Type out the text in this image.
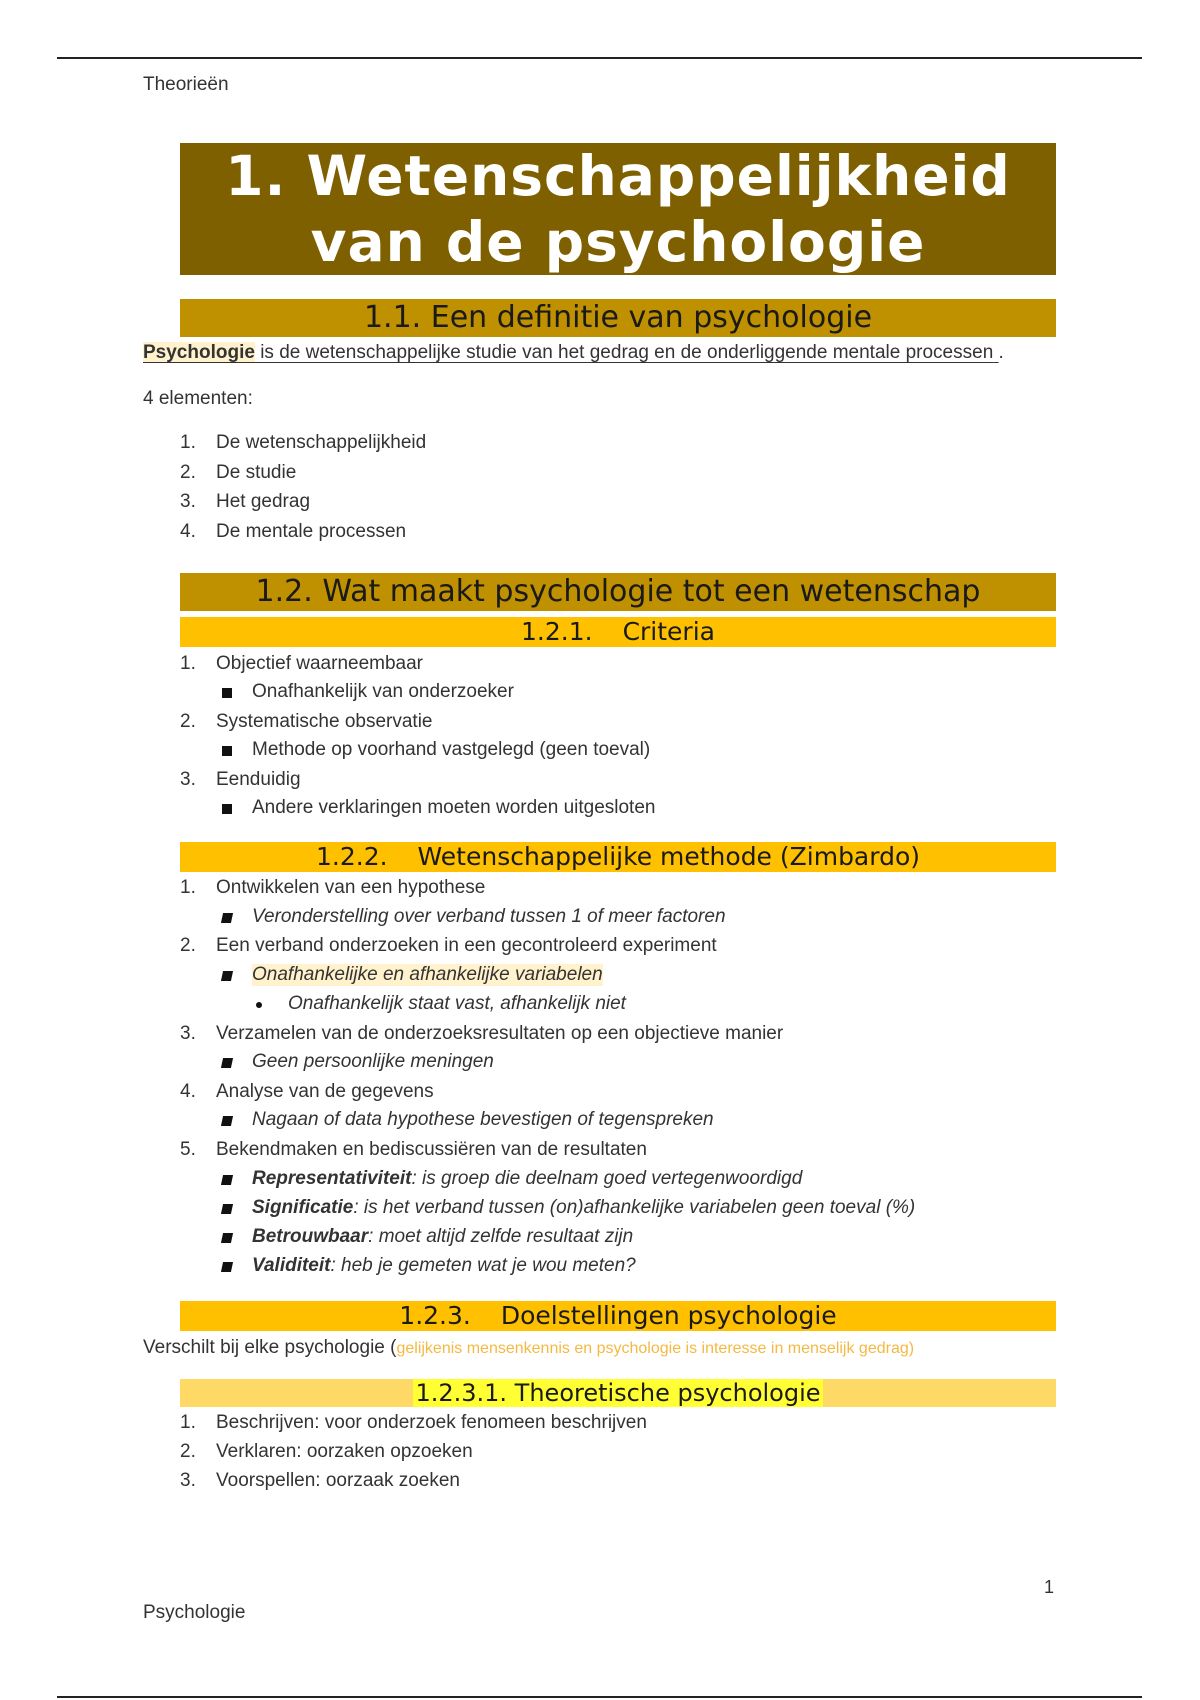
Theorieën
1. Wetenschappelijkheid
van de psychologie
1.1. Een definitie van psychologie
Psychologie is de wetenschappelijke studie van het gedrag en de onderliggende mentale processen .
4 elementen:
1.	De wetenschappelijkheid
2.	De studie
3.	Het gedrag
4.	De mentale processen
1.2. Wat maakt psychologie tot een wetenschap
1.2.1. Criteria
1.	Objectief waarneembaar
Onafhankelijk van onderzoeker
2.	Systematische observatie
Methode op voorhand vastgelegd (geen toeval)
3.	Eenduidig
Andere verklaringen moeten worden uitgesloten
1.2.2. Wetenschappelijke methode (Zimbardo)
1.	Ontwikkelen van een hypothese
Veronderstelling over verband tussen 1 of meer factoren
2.	Een verband onderzoeken in een gecontroleerd experiment
Onafhankelijke en afhankelijke variabelen
Onafhankelijk staat vast, afhankelijk niet
3.	Verzamelen van de onderzoeksresultaten op een objectieve manier
Geen persoonlijke meningen
4.	Analyse van de gegevens
Nagaan of data hypothese bevestigen of tegenspreken
5.	Bekendmaken en bediscussiëren van de resultaten
Representativiteit: is groep die deelnam goed vertegenwoordigd
Significatie: is het verband tussen (on)afhankelijke variabelen geen toeval (%)
Betrouwbaar: moet altijd zelfde resultaat zijn
Validiteit: heb je gemeten wat je wou meten?
1.2.3. Doelstellingen psychologie
Verschilt bij elke psychologie (gelijkenis mensenkennis en psychologie is interesse in menselijk gedrag)
1.2.3.1. Theoretische psychologie
1.	Beschrijven: voor onderzoek fenomeen beschrijven
2.	Verklaren: oorzaken opzoeken
3.	Voorspellen: oorzaak zoeken
1
Psychologie
